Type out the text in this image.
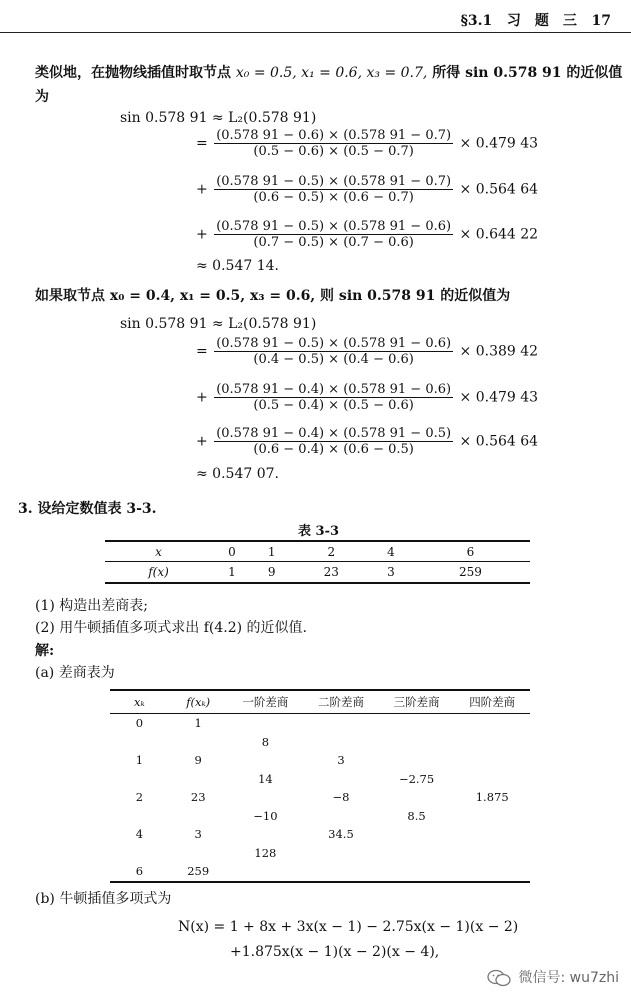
§3.1 习　题　三 17
类似地，在抛物线插值时取节点 x₀ = 0.5, x₁ = 0.6, x₃ = 0.7, 所得 sin 0.578 91 的近似值
为
sin 0.578 91 ≈ L₂(0.578 91)
= $\frac{(0.578 91 - 0.6) \times (0.578 91 - 0.7)}{(0.5 - 0.6) \times (0.5 - 0.7)} \times 0.479$ 43
+ $\frac{(0.578 91 - 0.5) \times (0.578 91 - 0.7)}{(0.6 - 0.5) \times (0.6 - 0.7)} \times 0.564$ 64
+ $\frac{(0.578 91 - 0.5) \times (0.578 91 - 0.6)}{(0.7 - 0.5) \times (0.7 - 0.6)} \times 0.644$ 22
≈ 0.547 14.
如果取节点 x₀ = 0.4, x₁ = 0.5, x₃ = 0.6, 则 sin 0.578 91 的近似值为
sin 0.578 91 ≈ L₂(0.578 91)
= $\frac{(0.578 91 - 0.5) \times (0.578 91 - 0.6)}{(0.4 - 0.5) \times (0.4 - 0.6)} \times 0.389$ 42
+ $\frac{(0.578 91 - 0.4) \times (0.578 91 - 0.6)}{(0.5 - 0.4) \times (0.5 - 0.6)} \times 0.479$ 43
+ $\frac{(0.578 91 - 0.4) \times (0.578 91 - 0.5)}{(0.6 - 0.4) \times (0.6 - 0.5)} \times 0.564$ 64
≈ 0.547 07.
3. 设给定数值表 3-3.
表 3-3
x	0	1	2	4	6
f(x)	1	9	23	3	259
(1) 构造出差商表;
(2) 用牛顿插值多项式求出 f(4.2) 的近似值.
解:
(a) 差商表为
xₖ	f(xₖ)	一阶差商	二阶差商	三阶差商	四阶差商
0	1				
		8			
1	9		3		
		14		−2.75	
2	23		−8		1.875
		−10		8.5	
4	3		34.5		
		128			
6	259				
(b) 牛顿插值多项式为
N(x) = 1 + 8x + 3x(x − 1) − 2.75x(x − 1)(x − 2)
+1.875x(x − 1)(x − 2)(x − 4),
微信号: wu7zhi
